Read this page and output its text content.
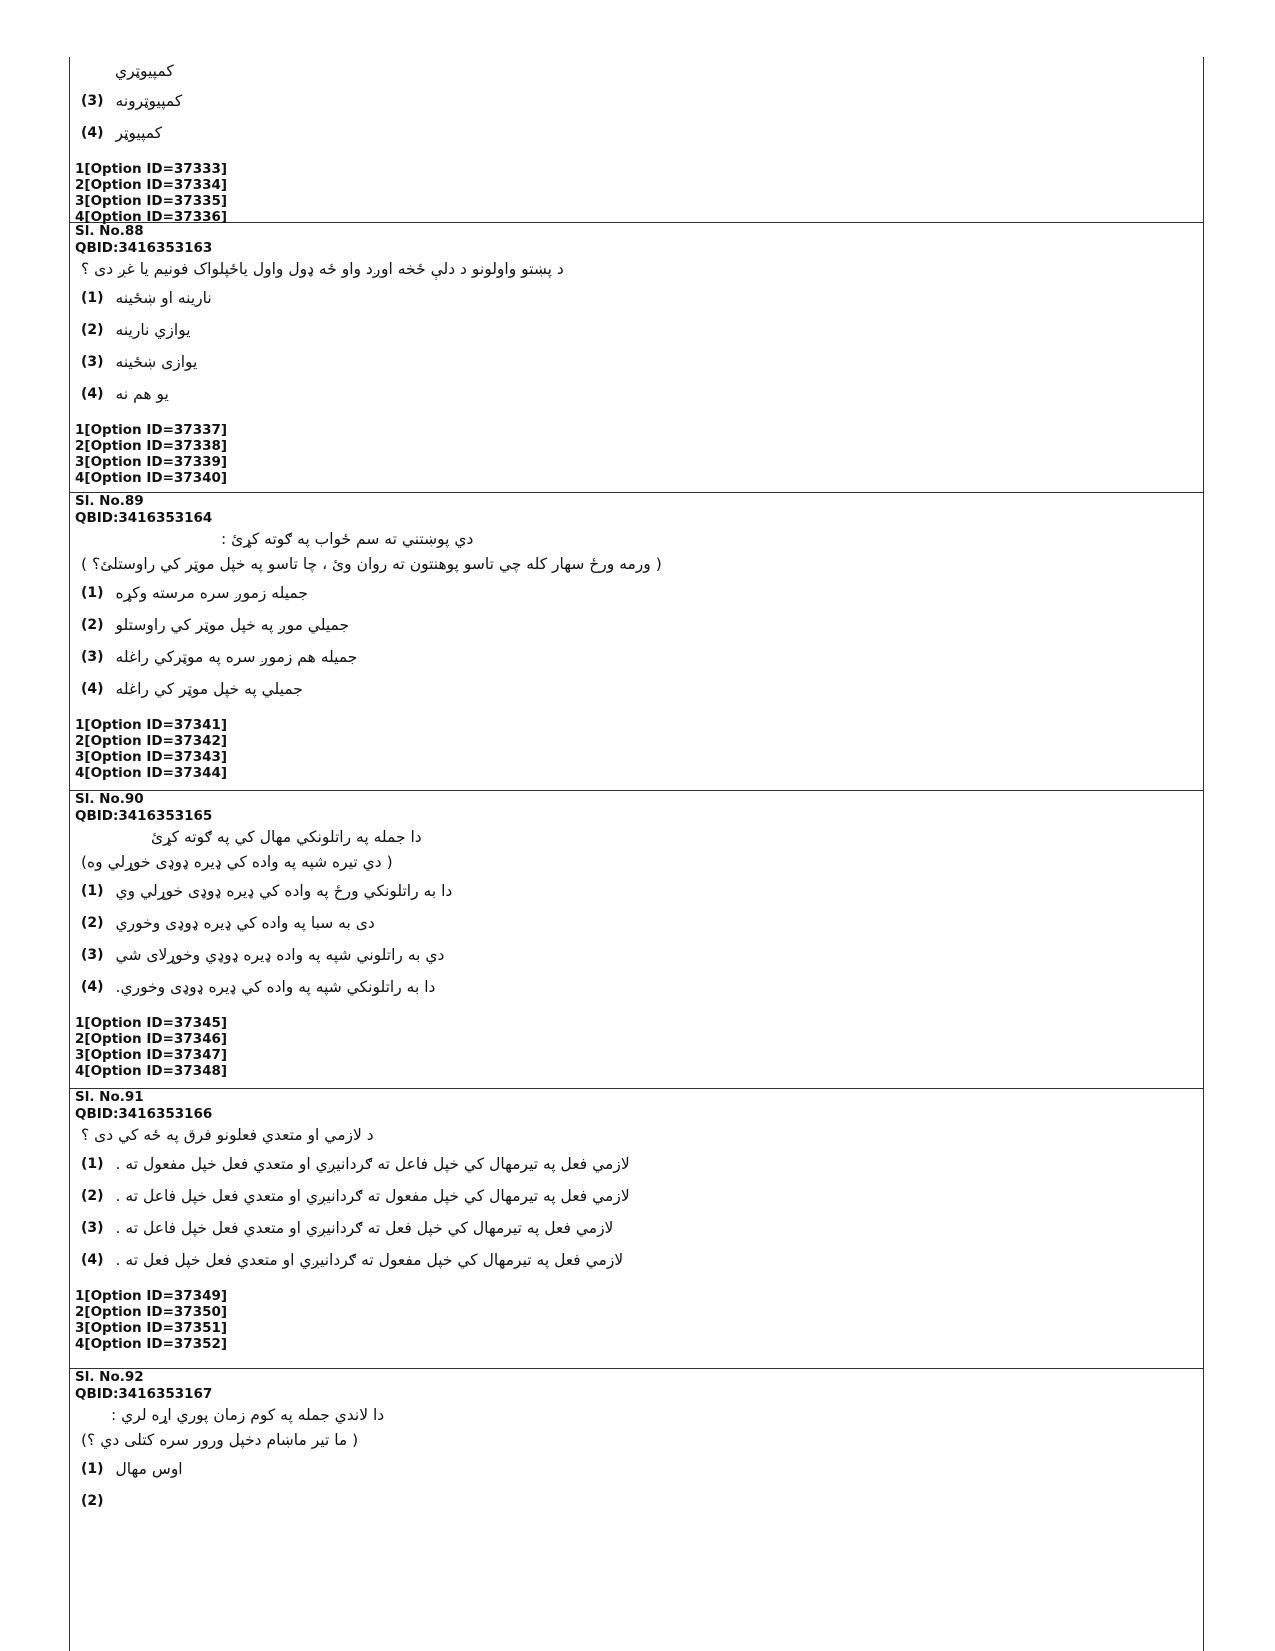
کمپیوټري
(3) کمپیوټرونه
(4) کمپیوټر
1[Option ID=37333]
2[Option ID=37334]
3[Option ID=37335]
4[Option ID=37336]
Sl. No.88
QBID:3416353163
د پښتو واولونو د دلې ځخه اوږد واو ځه ډول واول یاځپلواک فونیم یا غږ دی ؟
(1) نارینه او ښځینه
(2) یوازي نارینه
(3) یوازی ښځینه
(4) یو هم نه
1[Option ID=37337]
2[Option ID=37338]
3[Option ID=37339]
4[Option ID=37340]
Sl. No.89
QBID:3416353164
دي پوښتني ته سم ځواب په ګوته کړئ :
( ورمه ورځ سهار کله چي تاسو پوهنتون ته روان وئ ، چا تاسو په خپل موټر کي راوستلئ؟ )
(1) جمیله زموږ سره مرسته وکړه
(2) جمیلي موږ په خپل موټر کي راوستلو
(3) جمیله هم زموږ سره په موټرکي راغله
(4) جمیلي په خپل موټر کي راغله
1[Option ID=37341]
2[Option ID=37342]
3[Option ID=37343]
4[Option ID=37344]
Sl. No.90
QBID:3416353165
دا جمله په راتلونکي مهال کي په ګوته کړئ
( دي تیره شپه په واده کي ډیره ډوډی خوړلي وه)
(1) دا به راتلونکي ورځ په واده کي ډیره ډوډی خوړلي وي
(2) دی به سبا په واده کي ډیره ډوډی وخوري
(3) دي به راتلوني شپه په واده ډیره ډوډي وخوړلای شي
(4) دا به راتلونکي شپه په واده کي ډیره ډوډی وخوري.
1[Option ID=37345]
2[Option ID=37346]
3[Option ID=37347]
4[Option ID=37348]
Sl. No.91
QBID:3416353166
د لازمي او متعدي فعلونو فرق په ځه کي دی ؟
(1) لازمي فعل په تیرمهال کي خپل فاعل ته ګردانیږي او متعدي فعل خپل مفعول ته .
(2) لازمي فعل په تیرمهال کي خپل مفعول ته ګردانیږي او متعدي فعل خپل فاعل ته .
(3) لازمي فعل په تیرمهال کي خپل فعل ته ګردانیږي او متعدي فعل خپل فاعل ته .
(4) لازمي فعل په تیرمهال کي خپل مفعول ته ګردانیږي او متعدي فعل خپل فعل ته .
1[Option ID=37349]
2[Option ID=37350]
3[Option ID=37351]
4[Option ID=37352]
Sl. No.92
QBID:3416353167
دا لاندي جمله په کوم زمان پوري اړه لري :
( ما تیر ماښام دخپل ورور سره کتلی دي ؟)
(1) اوس مهال
(2)
